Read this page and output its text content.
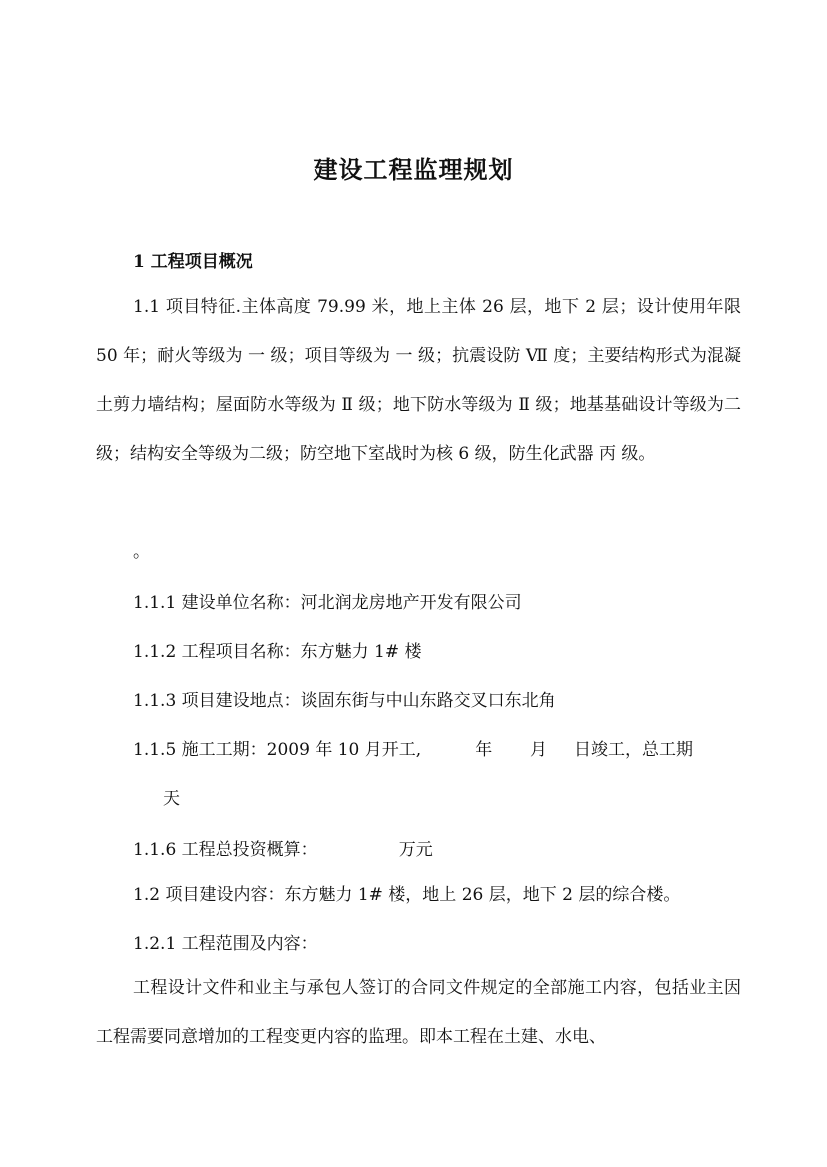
建设工程监理规划
1 工程项目概况

1.1 项目特征.主体高度 79.99 米，地上主体 26 层，地下 2 层；设计使用年限 50 年；耐火等级为 一 级；项目等级为 一 级；抗震设防 Ⅶ 度；主要结构形式为混凝土剪力墙结构；屋面防水等级为 Ⅱ 级；地下防水等级为 Ⅱ 级；地基基础设计等级为二级；结构安全等级为二级；防空地下室战时为核 6 级，防生化武器 丙 级。

。
1.1.1 建设单位名称：河北润龙房地产开发有限公司
1.1.2 工程项目名称：东方魅力 1# 楼
1.1.3 项目建设地点：谈固东街与中山东路交叉口东北角
1.1.5 施工工期：2009 年 10 月开工,          年       月     日竣工，总工期
天
1.1.6 工程总投资概算：               万元
1.2 项目建设内容：东方魅力 1# 楼，地上 26 层，地下 2 层的综合楼。
1.2.1 工程范围及内容：

工程设计文件和业主与承包人签订的合同文件规定的全部施工内容，包括业主因工程需要同意增加的工程变更内容的监理。即本工程在土建、水电、
